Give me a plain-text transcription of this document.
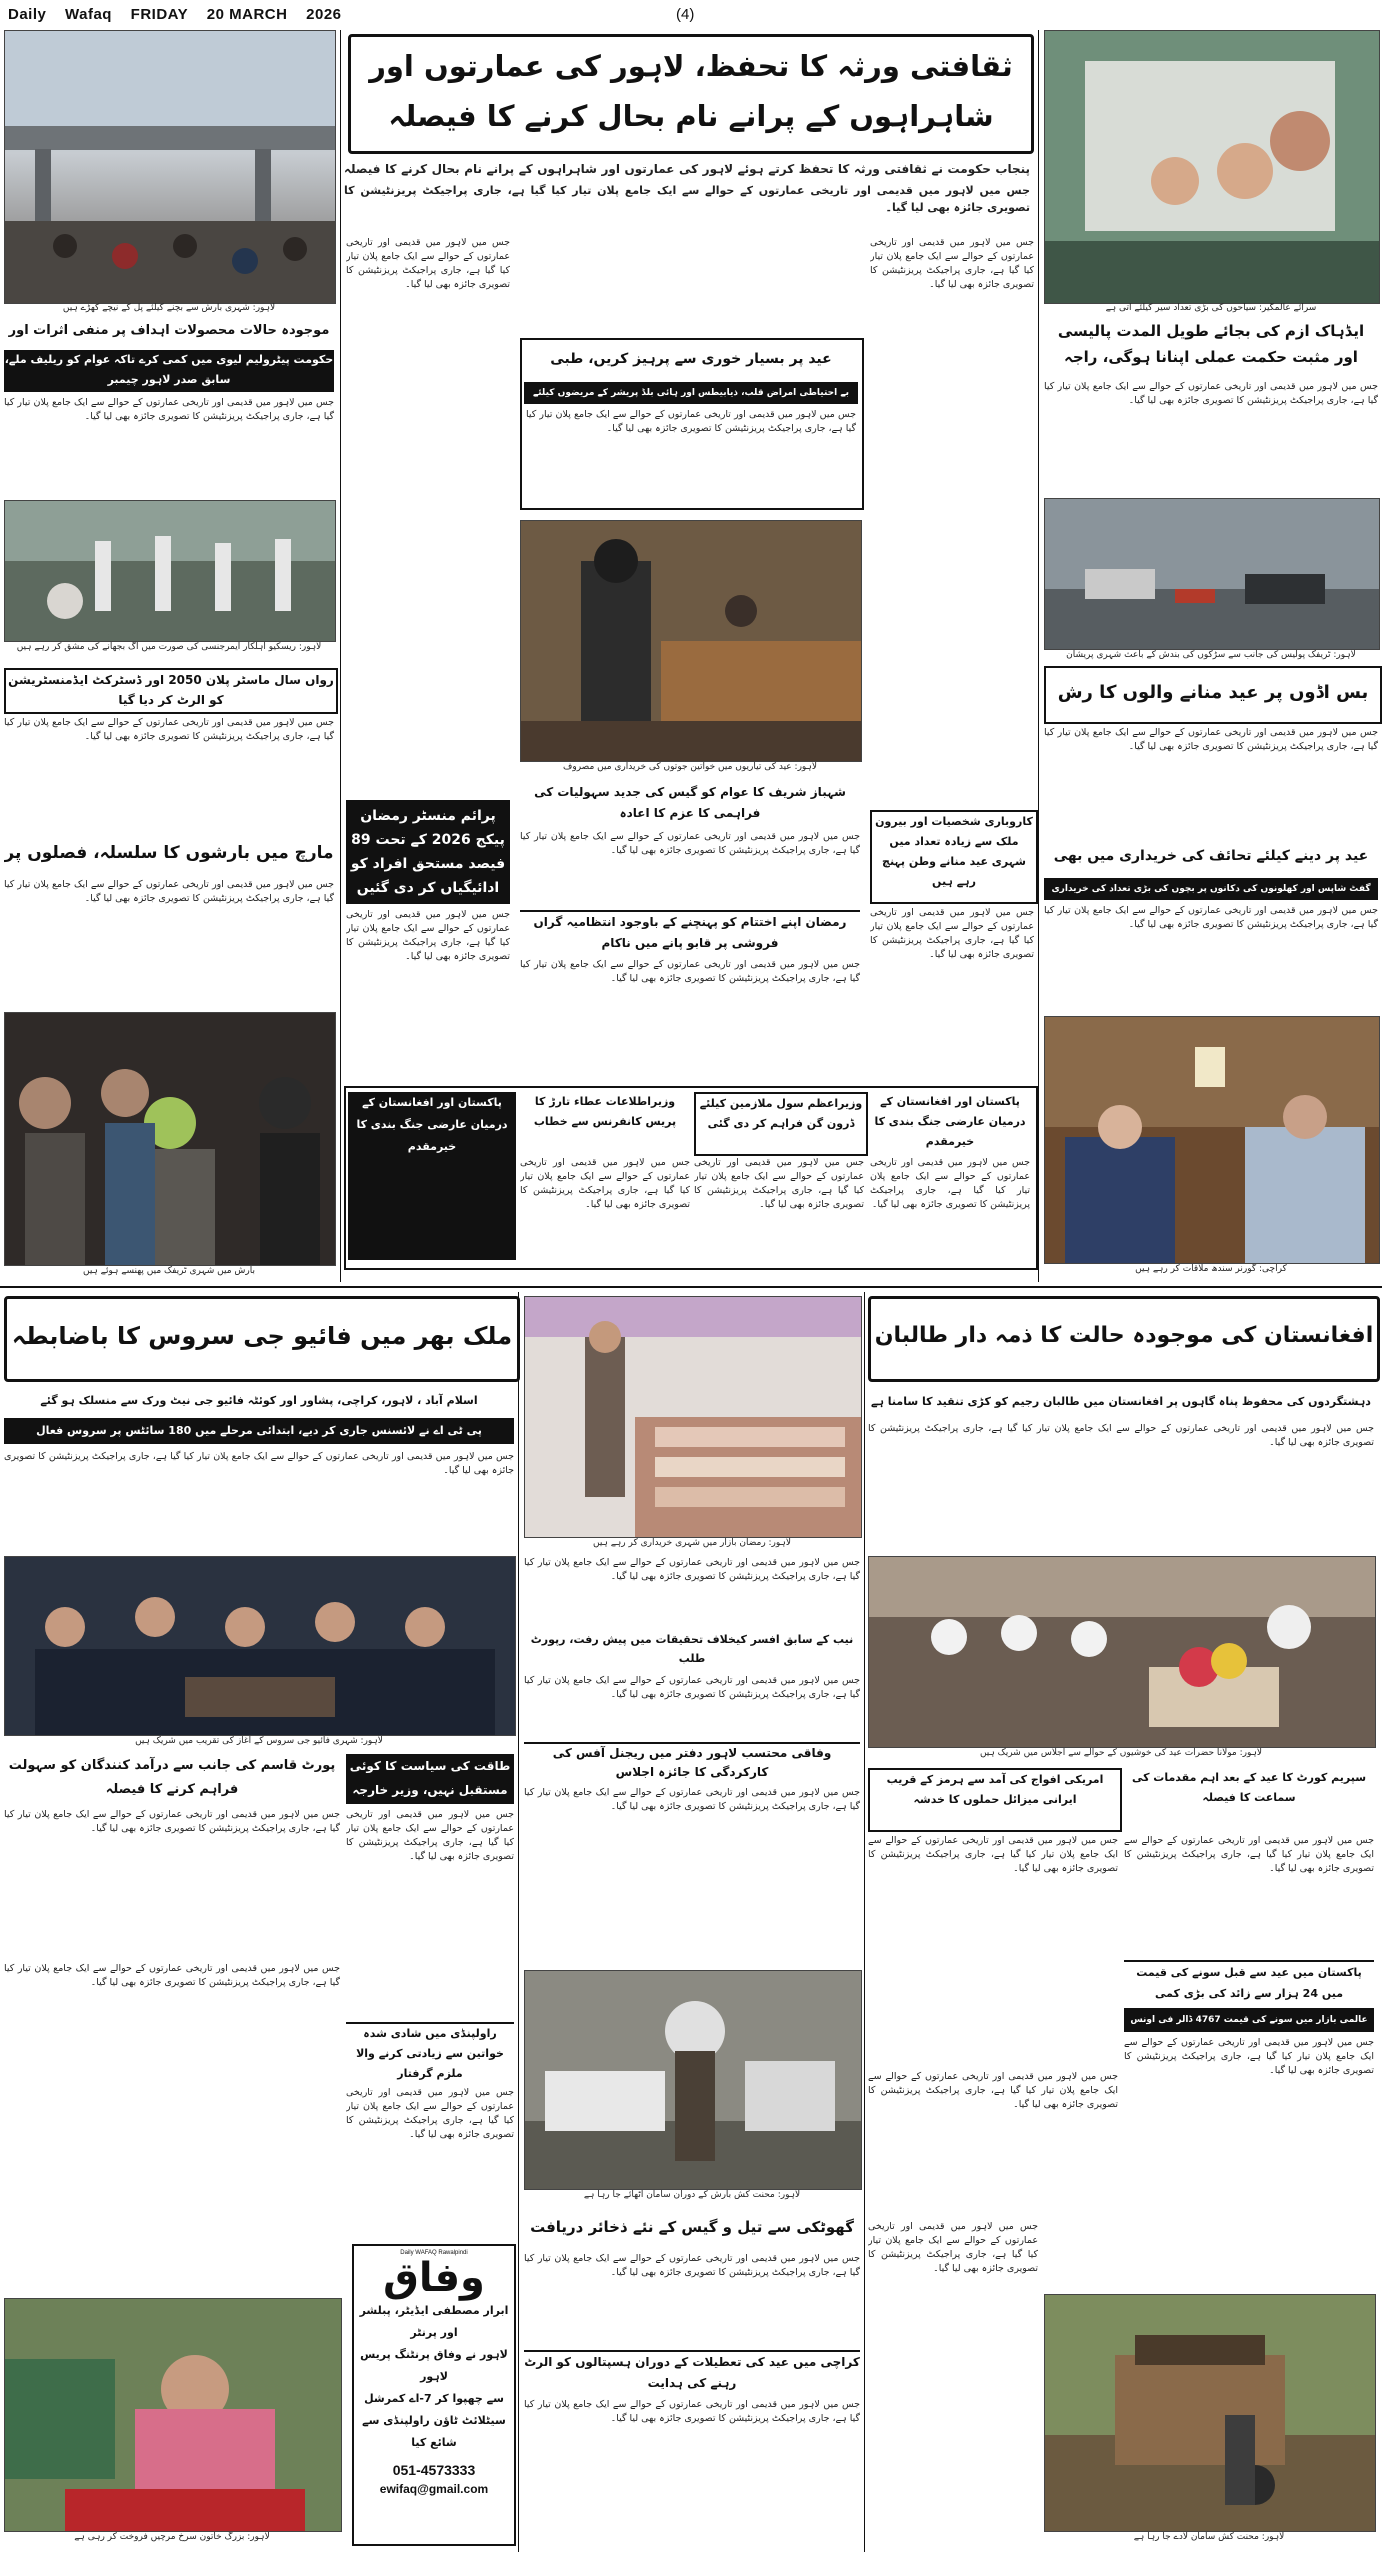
Daily Wafaq FRIDAY 20 MARCH 2026	(4)
لاہور: شہری بارش سے بچنے کیلئے پل کے نیچے کھڑے ہیں
ثقافتی ورثہ کا تحفظ، لاہور کی عمارتوں اور شاہراہوں کے پرانے نام بحال کرنے کا فیصلہ
پنجاب حکومت نے ثقافتی ورثہ کا تحفظ کرتے ہوئے لاہور کی عمارتوں اور شاہراہوں کے پرانے نام بحال کرنے کا فیصلہ
جس میں لاہور میں قدیمی اور تاریخی عمارتوں کے حوالے سے ایک جامع پلان تیار کیا گیا ہے، جاری پراجیکٹ پریزنٹیشن کا تصویری جائزہ بھی لیا گیا۔
سرائے عالمگیر: سیاحوں کی بڑی تعداد سیر کیلئے آتی ہے
ایڈہاک ازم کی بجائے طویل المدت پالیسی اور مثبت حکمت عملی اپنانا ہوگی، راجہ
جس میں لاہور میں قدیمی اور تاریخی عمارتوں کے حوالے سے ایک جامع پلان تیار کیا گیا ہے، جاری پراجیکٹ پریزنٹیشن کا تصویری جائزہ بھی لیا گیا۔
موجودہ حالات محصولات اہداف پر منفی اثرات اور
حکومت پیٹرولیم لیوی میں کمی کرے تاکہ عوام کو ریلیف ملے، سابق صدر لاہور چیمبر
جس میں لاہور میں قدیمی اور تاریخی عمارتوں کے حوالے سے ایک جامع پلان تیار کیا گیا ہے، جاری پراجیکٹ پریزنٹیشن کا تصویری جائزہ بھی لیا گیا۔
لاہور: ریسکیو اہلکار ایمرجنسی کی صورت میں آگ بجھانے کی مشق کر رہے ہیں
رواں سال ماسٹر پلان 2050 اور ڈسٹرکٹ ایڈمنسٹریشن کو الرٹ کر دیا گیا
جس میں لاہور میں قدیمی اور تاریخی عمارتوں کے حوالے سے ایک جامع پلان تیار کیا گیا ہے، جاری پراجیکٹ پریزنٹیشن کا تصویری جائزہ بھی لیا گیا۔
مارچ میں بارشوں کا سلسلہ، فصلوں پر
جس میں لاہور میں قدیمی اور تاریخی عمارتوں کے حوالے سے ایک جامع پلان تیار کیا گیا ہے، جاری پراجیکٹ پریزنٹیشن کا تصویری جائزہ بھی لیا گیا۔
بارش میں شہری ٹریفک میں پھنسے ہوئے ہیں
عید پر بسیار خوری سے پرہیز کریں، طبی
بے احتیاطی امراض قلب، ذیابیطس اور ہائی بلڈ پریشر کے مریضوں کیلئے
جس میں لاہور میں قدیمی اور تاریخی عمارتوں کے حوالے سے ایک جامع پلان تیار کیا گیا ہے، جاری پراجیکٹ پریزنٹیشن کا تصویری جائزہ بھی لیا گیا۔
جس میں لاہور میں قدیمی اور تاریخی عمارتوں کے حوالے سے ایک جامع پلان تیار کیا گیا ہے، جاری پراجیکٹ پریزنٹیشن کا تصویری جائزہ بھی لیا گیا۔
جس میں لاہور میں قدیمی اور تاریخی عمارتوں کے حوالے سے ایک جامع پلان تیار کیا گیا ہے، جاری پراجیکٹ پریزنٹیشن کا تصویری جائزہ بھی لیا گیا۔
لاہور: عید کی تیاریوں میں خواتین جوتوں کی خریداری میں مصروف
شہباز شریف کا عوام کو گیس کی جدید سہولیات کی فراہمی کا عزم کا اعادہ
جس میں لاہور میں قدیمی اور تاریخی عمارتوں کے حوالے سے ایک جامع پلان تیار کیا گیا ہے، جاری پراجیکٹ پریزنٹیشن کا تصویری جائزہ بھی لیا گیا۔
رمضان اپنے اختتام کو پہنچنے کے باوجود انتظامیہ گراں فروشی پر قابو پانے میں ناکام
جس میں لاہور میں قدیمی اور تاریخی عمارتوں کے حوالے سے ایک جامع پلان تیار کیا گیا ہے، جاری پراجیکٹ پریزنٹیشن کا تصویری جائزہ بھی لیا گیا۔
پرائم منسٹر رمضان پیکج 2026 کے تحت 89 فیصد مستحق افراد کو ادائیگیاں کر دی گئیں
جس میں لاہور میں قدیمی اور تاریخی عمارتوں کے حوالے سے ایک جامع پلان تیار کیا گیا ہے، جاری پراجیکٹ پریزنٹیشن کا تصویری جائزہ بھی لیا گیا۔
کاروباری شخصیات اور بیرون ملک سے زیادہ تعداد میں شہری عید منانے وطن پہنچ رہے ہیں
جس میں لاہور میں قدیمی اور تاریخی عمارتوں کے حوالے سے ایک جامع پلان تیار کیا گیا ہے، جاری پراجیکٹ پریزنٹیشن کا تصویری جائزہ بھی لیا گیا۔
لاہور: ٹریفک پولیس کی جانب سے سڑکوں کی بندش کے باعث شہری پریشان
بس اڈوں پر عید منانے والوں کا رش
جس میں لاہور میں قدیمی اور تاریخی عمارتوں کے حوالے سے ایک جامع پلان تیار کیا گیا ہے، جاری پراجیکٹ پریزنٹیشن کا تصویری جائزہ بھی لیا گیا۔
عید پر دینے کیلئے تحائف کی خریداری میں بھی
گفٹ شاپس اور کھلونوں کی دکانوں پر بچوں کی بڑی تعداد کی خریداری
جس میں لاہور میں قدیمی اور تاریخی عمارتوں کے حوالے سے ایک جامع پلان تیار کیا گیا ہے، جاری پراجیکٹ پریزنٹیشن کا تصویری جائزہ بھی لیا گیا۔
کراچی: گورنر سندھ ملاقات کر رہے ہیں
پاکستان اور افغانستان کے درمیان عارضی جنگ بندی کا خیرمقدم
جس میں لاہور میں قدیمی اور تاریخی عمارتوں کے حوالے سے ایک جامع پلان تیار کیا گیا ہے، جاری پراجیکٹ پریزنٹیشن کا تصویری جائزہ بھی لیا گیا۔
وزیراعظم سول ملازمین کیلئے ڈرون گن فراہم کر دی گئی
جس میں لاہور میں قدیمی اور تاریخی عمارتوں کے حوالے سے ایک جامع پلان تیار کیا گیا ہے، جاری پراجیکٹ پریزنٹیشن کا تصویری جائزہ بھی لیا گیا۔
وزیراطلاعات عطاء تارڑ کا پریس کانفرنس سے خطاب
جس میں لاہور میں قدیمی اور تاریخی عمارتوں کے حوالے سے ایک جامع پلان تیار کیا گیا ہے، جاری پراجیکٹ پریزنٹیشن کا تصویری جائزہ بھی لیا گیا۔
پاکستان اور افغانستان کے درمیان عارضی جنگ بندی کا خیرمقدم
ملک بھر میں فائیو جی سروس کا باضابطہ
اسلام آباد ، لاہور، کراچی، پشاور اور کوئٹہ فائیو جی نیٹ ورک سے منسلک ہو گئے
پی ٹی اے نے لائسنس جاری کر دیے، ابتدائی مرحلے میں 180 سائٹس پر سروس فعال
جس میں لاہور میں قدیمی اور تاریخی عمارتوں کے حوالے سے ایک جامع پلان تیار کیا گیا ہے، جاری پراجیکٹ پریزنٹیشن کا تصویری جائزہ بھی لیا گیا۔
لاہور: شہری فائیو جی سروس کے آغاز کی تقریب میں شریک ہیں
پورٹ قاسم کی جانب سے درآمد کنندگان کو سہولت فراہم کرنے کا فیصلہ
جس میں لاہور میں قدیمی اور تاریخی عمارتوں کے حوالے سے ایک جامع پلان تیار کیا گیا ہے، جاری پراجیکٹ پریزنٹیشن کا تصویری جائزہ بھی لیا گیا۔
طاقت کی سیاست کا کوئی مستقبل نہیں، وزیر خارجہ
جس میں لاہور میں قدیمی اور تاریخی عمارتوں کے حوالے سے ایک جامع پلان تیار کیا گیا ہے، جاری پراجیکٹ پریزنٹیشن کا تصویری جائزہ بھی لیا گیا۔
راولپنڈی میں شادی شدہ خواتین سے زیادتی کرنے والا ملزم گرفتار
جس میں لاہور میں قدیمی اور تاریخی عمارتوں کے حوالے سے ایک جامع پلان تیار کیا گیا ہے، جاری پراجیکٹ پریزنٹیشن کا تصویری جائزہ بھی لیا گیا۔
جس میں لاہور میں قدیمی اور تاریخی عمارتوں کے حوالے سے ایک جامع پلان تیار کیا گیا ہے، جاری پراجیکٹ پریزنٹیشن کا تصویری جائزہ بھی لیا گیا۔
لاہور: بزرگ خاتون سرخ مرچیں فروخت کر رہی ہے
Daily WAFAQ Rawalpindi
وفاق
ابرار مصطفی ایڈیٹر، پبلشر اور پرنٹر
لاہور نے وفاق پرنٹنگ پریس لاہور
سے چھپوا کر 7-اے کمرشل
سیٹلائٹ ٹاؤن راولپنڈی سے شائع کیا
051-4573333
ewifaq@gmail.com
لاہور: رمضان بازار میں شہری خریداری کر رہے ہیں
جس میں لاہور میں قدیمی اور تاریخی عمارتوں کے حوالے سے ایک جامع پلان تیار کیا گیا ہے، جاری پراجیکٹ پریزنٹیشن کا تصویری جائزہ بھی لیا گیا۔
نیب کے سابق افسر کیخلاف تحقیقات میں پیش رفت، رپورٹ طلب
جس میں لاہور میں قدیمی اور تاریخی عمارتوں کے حوالے سے ایک جامع پلان تیار کیا گیا ہے، جاری پراجیکٹ پریزنٹیشن کا تصویری جائزہ بھی لیا گیا۔
وفاقی محتسب لاہور دفتر میں ریجنل آفس کی کارکردگی کا جائزہ اجلاس
جس میں لاہور میں قدیمی اور تاریخی عمارتوں کے حوالے سے ایک جامع پلان تیار کیا گیا ہے، جاری پراجیکٹ پریزنٹیشن کا تصویری جائزہ بھی لیا گیا۔
لاہور: محنت کش بارش کے دوران سامان اٹھائے جا رہا ہے
گھوٹکی سے تیل و گیس کے نئے ذخائر دریافت
جس میں لاہور میں قدیمی اور تاریخی عمارتوں کے حوالے سے ایک جامع پلان تیار کیا گیا ہے، جاری پراجیکٹ پریزنٹیشن کا تصویری جائزہ بھی لیا گیا۔
کراچی میں عید کی تعطیلات کے دوران ہسپتالوں کو الرٹ رہنے کی ہدایت
جس میں لاہور میں قدیمی اور تاریخی عمارتوں کے حوالے سے ایک جامع پلان تیار کیا گیا ہے، جاری پراجیکٹ پریزنٹیشن کا تصویری جائزہ بھی لیا گیا۔
افغانستان کی موجودہ حالت کا ذمہ دار طالبان
دہشتگردوں کی محفوظ پناہ گاہوں پر افغانستان میں طالبان رجیم کو کڑی تنقید کا سامنا ہے
جس میں لاہور میں قدیمی اور تاریخی عمارتوں کے حوالے سے ایک جامع پلان تیار کیا گیا ہے، جاری پراجیکٹ پریزنٹیشن کا تصویری جائزہ بھی لیا گیا۔
لاہور: مولانا حضرات عید کی خوشیوں کے حوالے سے اجلاس میں شریک ہیں
امریکی افواج کی آمد سے ہرمز کے قریب ایرانی میزائل حملوں کا خدشہ
جس میں لاہور میں قدیمی اور تاریخی عمارتوں کے حوالے سے ایک جامع پلان تیار کیا گیا ہے، جاری پراجیکٹ پریزنٹیشن کا تصویری جائزہ بھی لیا گیا۔
سپریم کورٹ کا عید کے بعد اہم مقدمات کی سماعت کا فیصلہ
جس میں لاہور میں قدیمی اور تاریخی عمارتوں کے حوالے سے ایک جامع پلان تیار کیا گیا ہے، جاری پراجیکٹ پریزنٹیشن کا تصویری جائزہ بھی لیا گیا۔
پاکستان میں عید سے قبل سونے کی قیمت میں 24 ہزار سے زائد کی بڑی کمی
عالمی بازار میں سونے کی قیمت 4767 ڈالر فی اونس
جس میں لاہور میں قدیمی اور تاریخی عمارتوں کے حوالے سے ایک جامع پلان تیار کیا گیا ہے، جاری پراجیکٹ پریزنٹیشن کا تصویری جائزہ بھی لیا گیا۔
جس میں لاہور میں قدیمی اور تاریخی عمارتوں کے حوالے سے ایک جامع پلان تیار کیا گیا ہے، جاری پراجیکٹ پریزنٹیشن کا تصویری جائزہ بھی لیا گیا۔
لاہور: محنت کش سامان لادے جا رہا ہے
جس میں لاہور میں قدیمی اور تاریخی عمارتوں کے حوالے سے ایک جامع پلان تیار کیا گیا ہے، جاری پراجیکٹ پریزنٹیشن کا تصویری جائزہ بھی لیا گیا۔
